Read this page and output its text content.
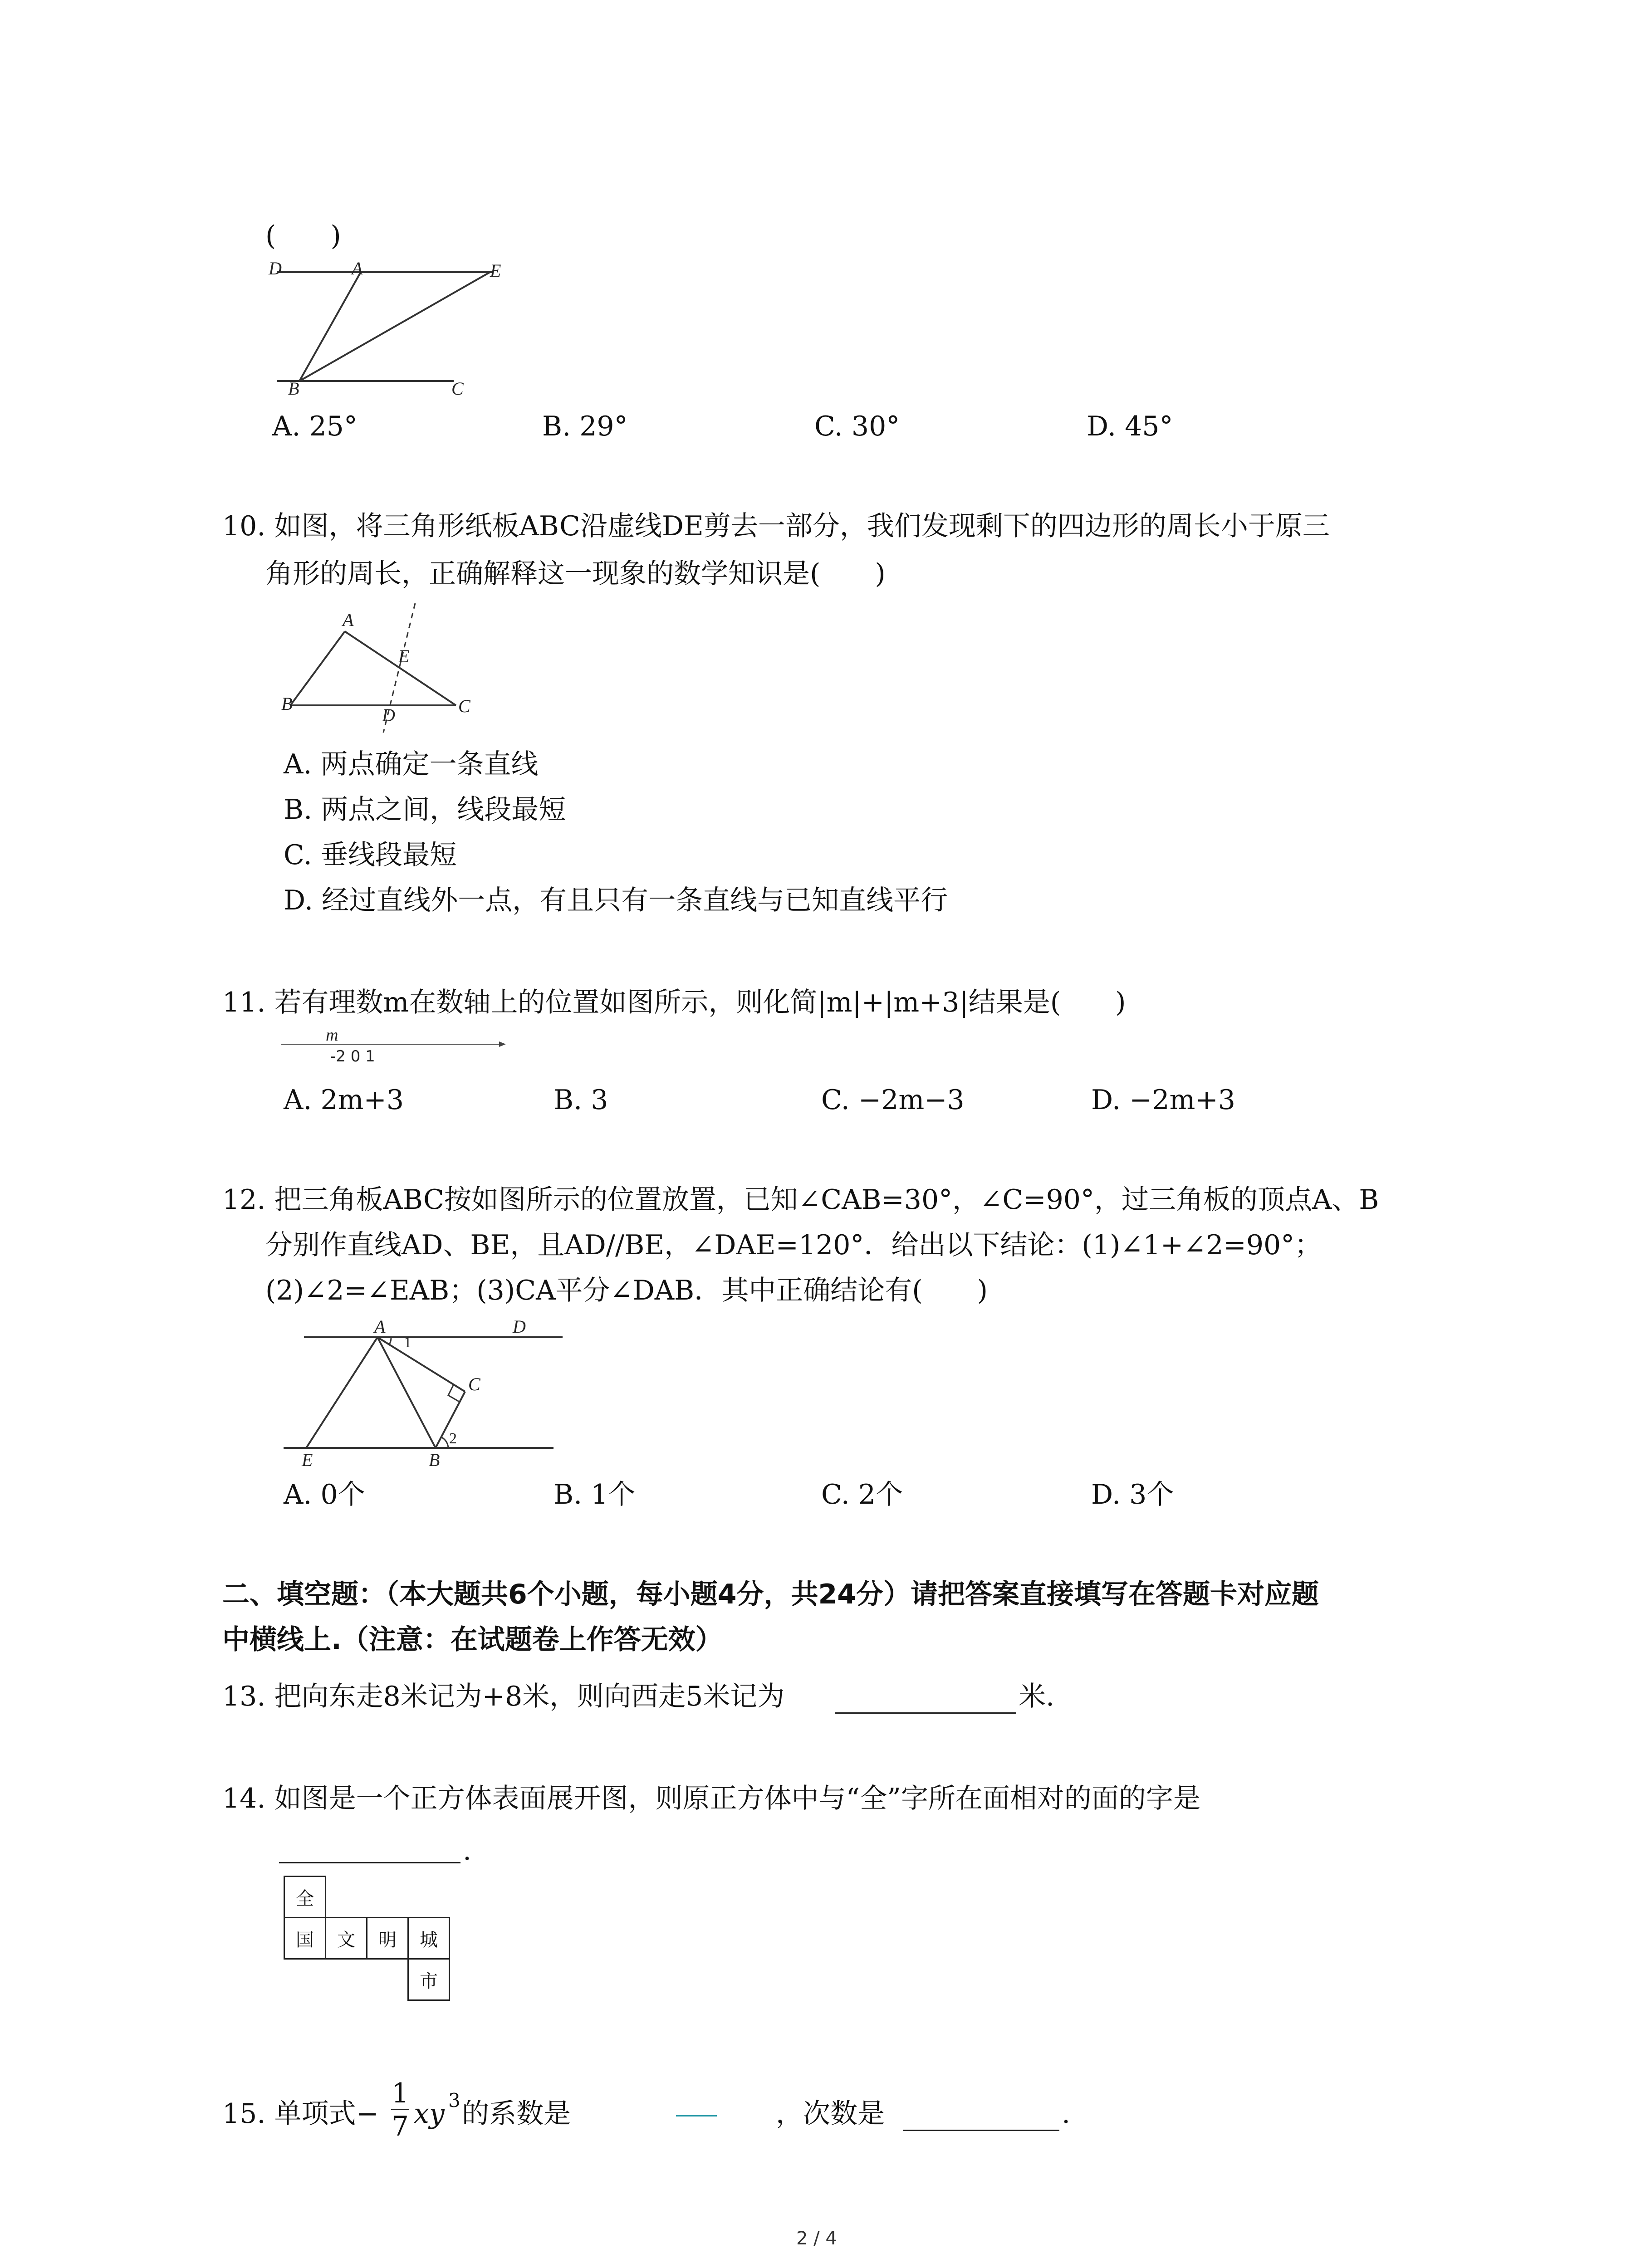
(　　)
D	A	E
B	C
A. 25°	B. 29°	C. 30°	D. 45°
10. 如图，将三角形纸板ABC沿虚线DE剪去一部分，我们发现剩下的四边形的周长小于原三
角形的周长，正确解释这一现象的数学知识是(　　)
A
E
B	C
D
A. 两点确定一条直线
B. 两点之间，线段最短
C. 垂线段最短
D. 经过直线外一点，有且只有一条直线与已知直线平行
11. 若有理数m在数轴上的位置如图所示，则化简|m|+|m+3|结果是(　　)
m
-2 0 1
A. 2m+3	B. 3	C. −2m−3	D. −2m+3
12. 把三角板ABC按如图所示的位置放置，已知∠CAB=30°，∠C=90°，过三角板的顶点A、B
分别作直线AD、BE，且AD//BE，∠DAE=120°．给出以下结论：(1)∠1+∠2=90°；
(2)∠2=∠EAB；(3)CA平分∠DAB．其中正确结论有(　　)
A	D
1
C
2
E	B
A. 0个	B. 1个	C. 2个	D. 3个
二、填空题：（本大题共6个小题，每小题4分，共24分）请把答案直接填写在答题卡对应题
中横线上.（注意：在试题卷上作答无效）
13. 把向东走8米记为+8米，则向西走5米记为	米.
14. 如图是一个正方体表面展开图，则原正方体中与“全”字所在面相对的面的字是
.
全
国	文	明	城
市
15. 单项式−
1
7 xy 3 的系数是	，次数是	.
2 / 4
